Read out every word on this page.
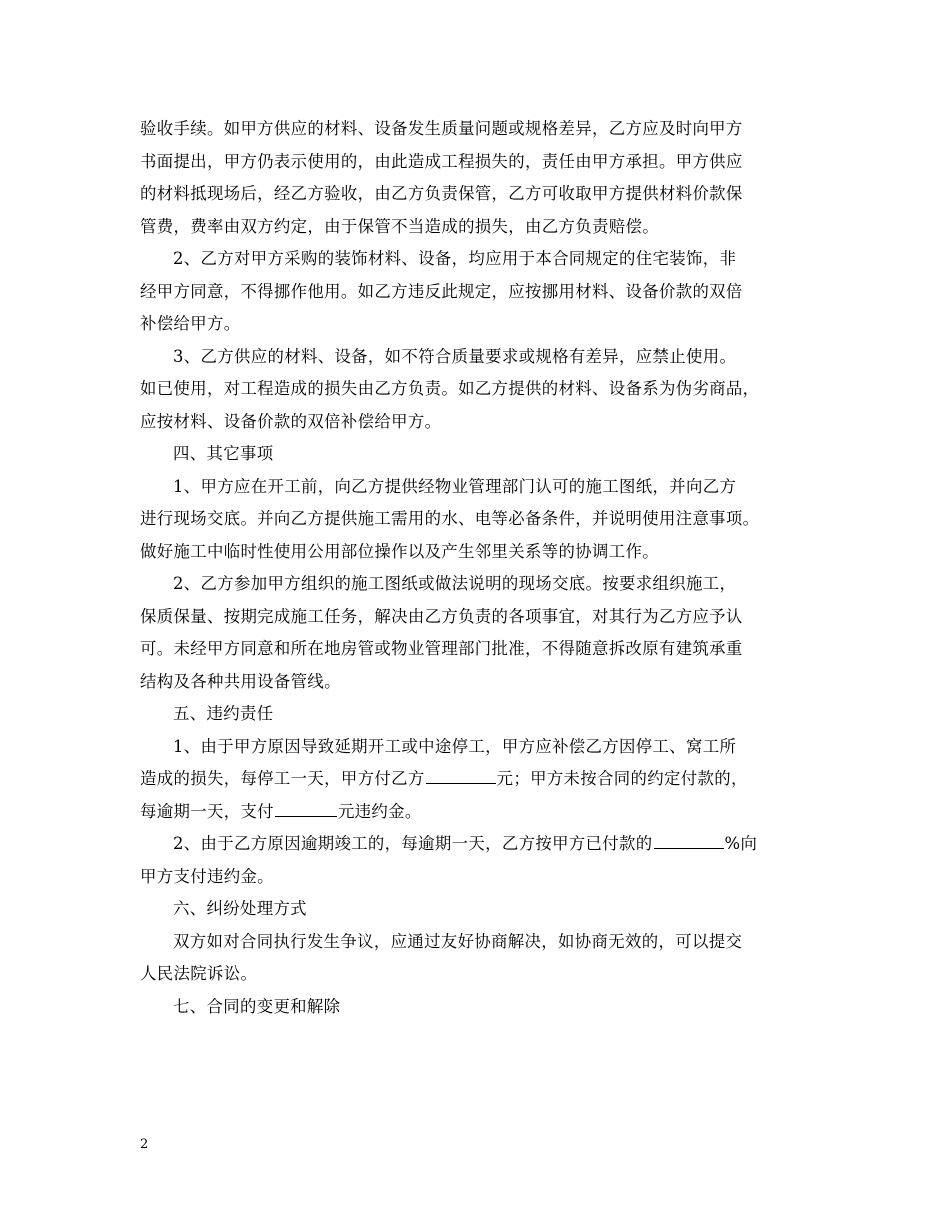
验收手续。如甲方供应的材料、设备发生质量问题或规格差异，乙方应及时向甲方
书面提出，甲方仍表示使用的，由此造成工程损失的，责任由甲方承担。甲方供应
的材料抵现场后，经乙方验收，由乙方负责保管，乙方可收取甲方提供材料价款保
管费，费率由双方约定，由于保管不当造成的损失，由乙方负责赔偿。
2、乙方对甲方采购的装饰材料、设备，均应用于本合同规定的住宅装饰，非
经甲方同意，不得挪作他用。如乙方违反此规定，应按挪用材料、设备价款的双倍
补偿给甲方。
3、乙方供应的材料、设备，如不符合质量要求或规格有差异，应禁止使用。
如已使用，对工程造成的损失由乙方负责。如乙方提供的材料、设备系为伪劣商品，
应按材料、设备价款的双倍补偿给甲方。
四、其它事项
1、甲方应在开工前，向乙方提供经物业管理部门认可的施工图纸，并向乙方
进行现场交底。并向乙方提供施工需用的水、电等必备条件，并说明使用注意事项。
做好施工中临时性使用公用部位操作以及产生邻里关系等的协调工作。
2、乙方参加甲方组织的施工图纸或做法说明的现场交底。按要求组织施工，
保质保量、按期完成施工任务，解决由乙方负责的各项事宜，对其行为乙方应予认
可。未经甲方同意和所在地房管或物业管理部门批准，不得随意拆改原有建筑承重
结构及各种共用设备管线。
五、违约责任
1、由于甲方原因导致延期开工或中途停工，甲方应补偿乙方因停工、窝工所
造成的损失，每停工一天，甲方付乙方	元；甲方未按合同的约定付款的，
每逾期一天，支付	元违约金。
2、由于乙方原因逾期竣工的，每逾期一天，乙方按甲方已付款的	%向
甲方支付违约金。
六、纠纷处理方式
双方如对合同执行发生争议，应通过友好协商解决，如协商无效的，可以提交
人民法院诉讼。
七、合同的变更和解除
2
